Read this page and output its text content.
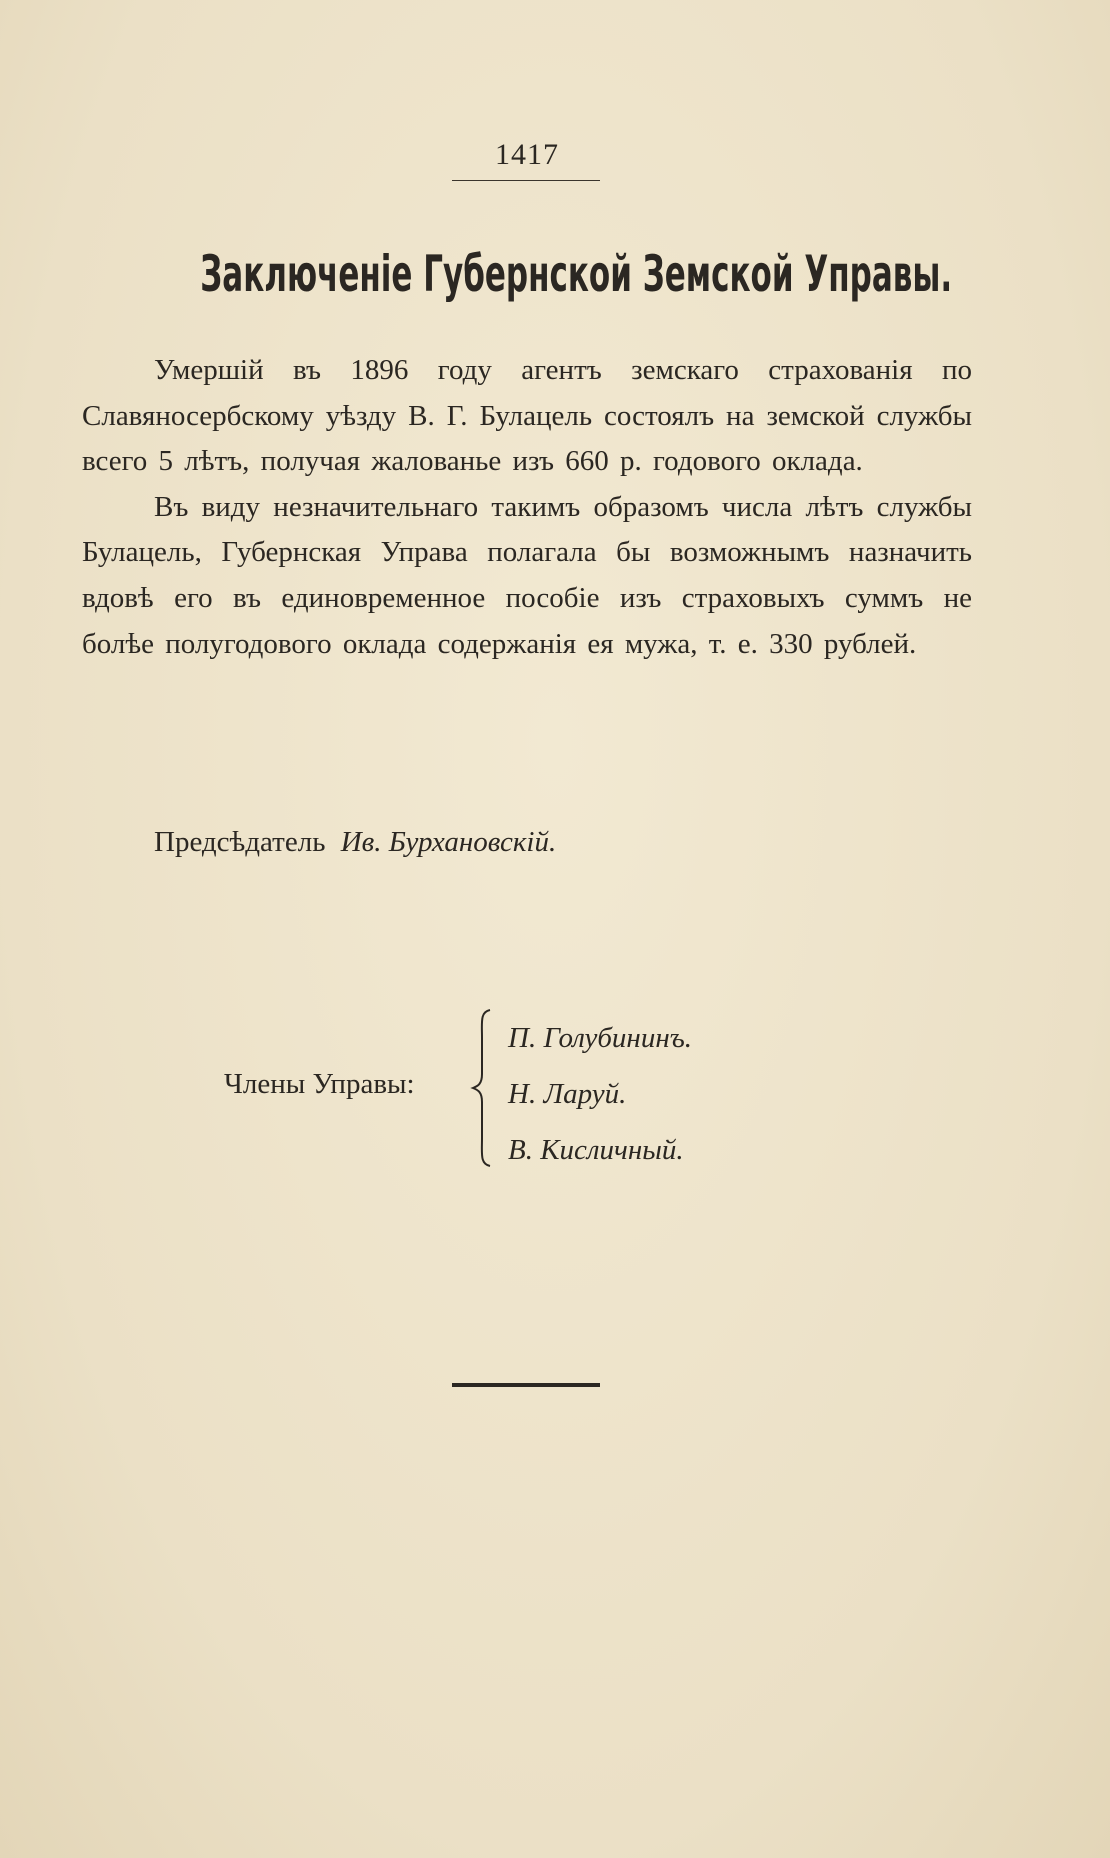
1417
Заключеніе Губернской Земской Управы.

Умершій въ 1896 году агентъ земскаго страхованія по Славяносербскому уѣзду В. Г. Булацель состоялъ на земской службы всего 5 лѣтъ, получая жалованье изъ 660 р. годового оклада.

Въ виду незначительнаго такимъ образомъ числа лѣтъ службы Булацель, Губернская Управа полагала бы возможнымъ назначить вдовѣ его въ единовременное пособіе изъ страховыхъ суммъ не болѣе полугодового оклада содержанія ея мужа, т. е. 330 рублей.

Предсѣдатель Ив. Бурхановскій.
Члены Управы:
П. Голубининъ.
Н. Ларуй.
В. Кисличный.
